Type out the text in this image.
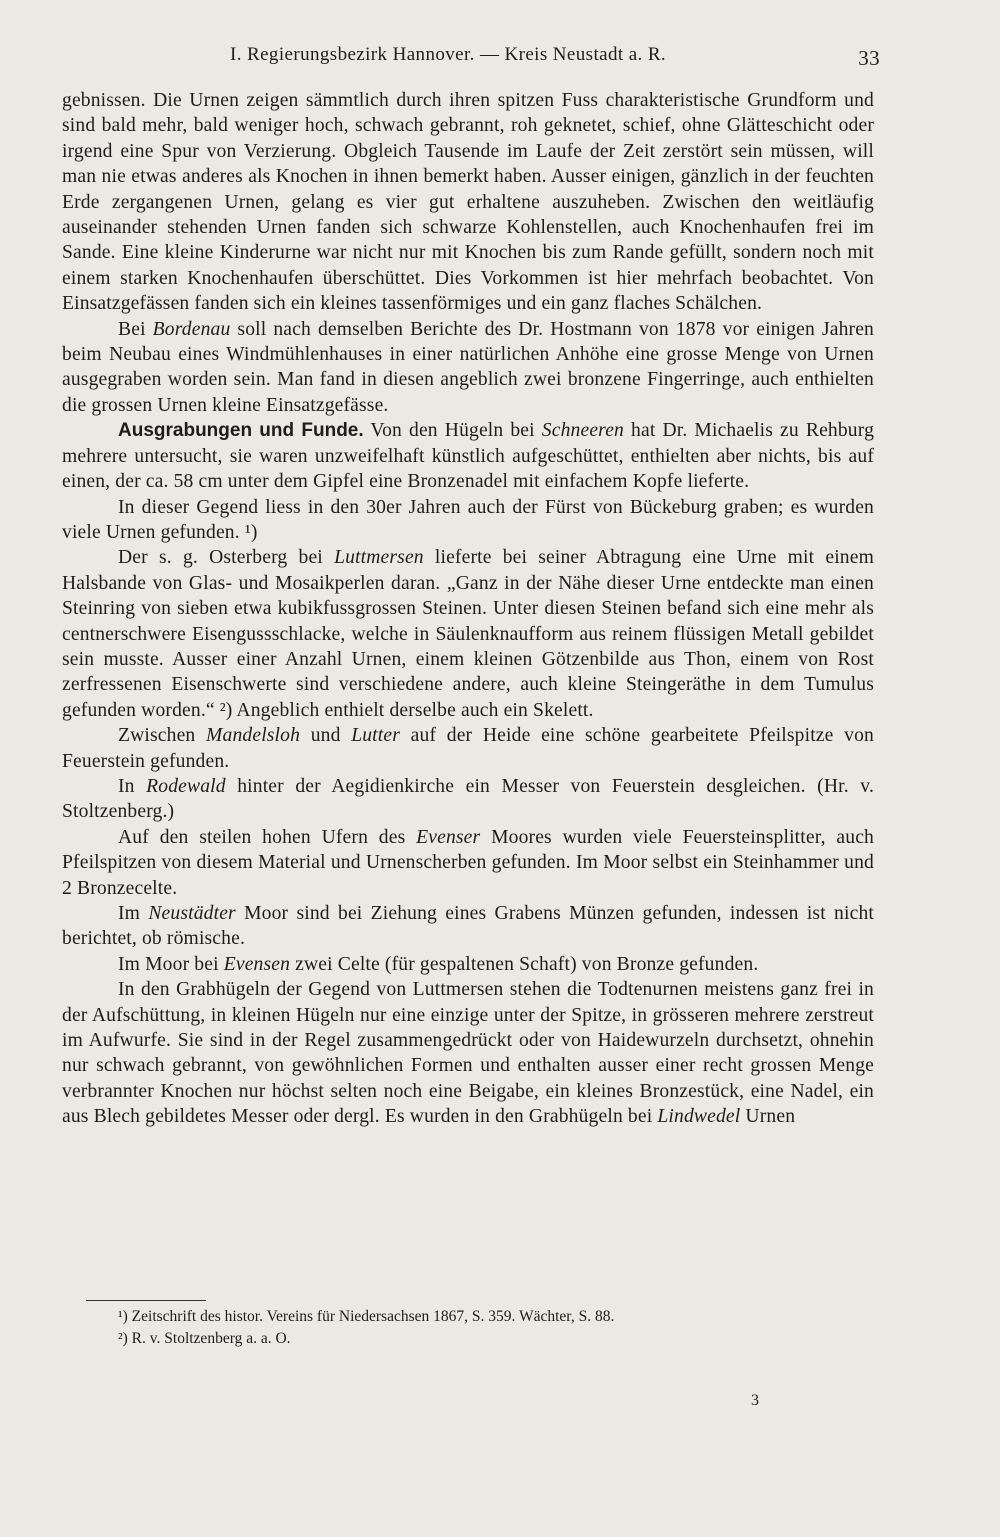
I. Regierungsbezirk Hannover. — Kreis Neustadt a. R.	33

gebnissen. Die Urnen zeigen sämmtlich durch ihren spitzen Fuss charakteristische Grundform und sind bald mehr, bald weniger hoch, schwach gebrannt, roh geknetet, schief, ohne Glätteschicht oder irgend eine Spur von Verzierung. Obgleich Tausende im Laufe der Zeit zerstört sein müssen, will man nie etwas anderes als Knochen in ihnen bemerkt haben. Ausser einigen, gänzlich in der feuchten Erde zergangenen Urnen, gelang es vier gut erhaltene auszuheben. Zwischen den weitläufig auseinander stehenden Urnen fanden sich schwarze Kohlenstellen, auch Knochenhaufen frei im Sande. Eine kleine Kinderurne war nicht nur mit Knochen bis zum Rande gefüllt, sondern noch mit einem starken Knochenhaufen überschüttet. Dies Vorkommen ist hier mehrfach beobachtet. Von Einsatzgefässen fanden sich ein kleines tassenförmiges und ein ganz flaches Schälchen.

Bei Bordenau soll nach demselben Berichte des Dr. Hostmann von 1878 vor einigen Jahren beim Neubau eines Windmühlenhauses in einer natürlichen Anhöhe eine grosse Menge von Urnen ausgegraben worden sein. Man fand in diesen angeblich zwei bronzene Fingerringe, auch enthielten die grossen Urnen kleine Einsatzgefässe.

Ausgrabungen und Funde. Von den Hügeln bei Schneeren hat Dr. Michaelis zu Rehburg mehrere untersucht, sie waren unzweifelhaft künstlich aufgeschüttet, enthielten aber nichts, bis auf einen, der ca. 58 cm unter dem Gipfel eine Bronzenadel mit einfachem Kopfe lieferte.

In dieser Gegend liess in den 30er Jahren auch der Fürst von Bückeburg graben; es wurden viele Urnen gefunden. ¹)

Der s. g. Osterberg bei Luttmersen lieferte bei seiner Abtragung eine Urne mit einem Halsbande von Glas- und Mosaikperlen daran. „Ganz in der Nähe dieser Urne entdeckte man einen Steinring von sieben etwa kubikfussgrossen Steinen. Unter diesen Steinen befand sich eine mehr als centnerschwere Eisengussschlacke, welche in Säulenknaufform aus reinem flüssigen Metall gebildet sein musste. Ausser einer Anzahl Urnen, einem kleinen Götzenbilde aus Thon, einem von Rost zerfressenen Eisenschwerte sind verschiedene andere, auch kleine Steingeräthe in dem Tumulus gefunden worden.“ ²) Angeblich enthielt derselbe auch ein Skelett.

Zwischen Mandelsloh und Lutter auf der Heide eine schöne gearbeitete Pfeilspitze von Feuerstein gefunden.

In Rodewald hinter der Aegidienkirche ein Messer von Feuerstein desgleichen. (Hr. v. Stoltzenberg.)

Auf den steilen hohen Ufern des Evenser Moores wurden viele Feuersteinsplitter, auch Pfeilspitzen von diesem Material und Urnenscherben gefunden. Im Moor selbst ein Steinhammer und 2 Bronzecelte.

Im Neustädter Moor sind bei Ziehung eines Grabens Münzen gefunden, indessen ist nicht berichtet, ob römische.

Im Moor bei Evensen zwei Celte (für gespaltenen Schaft) von Bronze gefunden.

In den Grabhügeln der Gegend von Luttmersen stehen die Todtenurnen meistens ganz frei in der Aufschüttung, in kleinen Hügeln nur eine einzige unter der Spitze, in grösseren mehrere zerstreut im Aufwurfe. Sie sind in der Regel zusammengedrückt oder von Haidewurzeln durchsetzt, ohnehin nur schwach gebrannt, von gewöhnlichen Formen und enthalten ausser einer recht grossen Menge verbrannter Knochen nur höchst selten noch eine Beigabe, ein kleines Bronzestück, eine Nadel, ein aus Blech gebildetes Messer oder dergl. Es wurden in den Grabhügeln bei Lindwedel Urnen

¹) Zeitschrift des histor. Vereins für Niedersachsen 1867, S. 359. Wächter, S. 88.

²) R. v. Stoltzenberg a. a. O.

3
